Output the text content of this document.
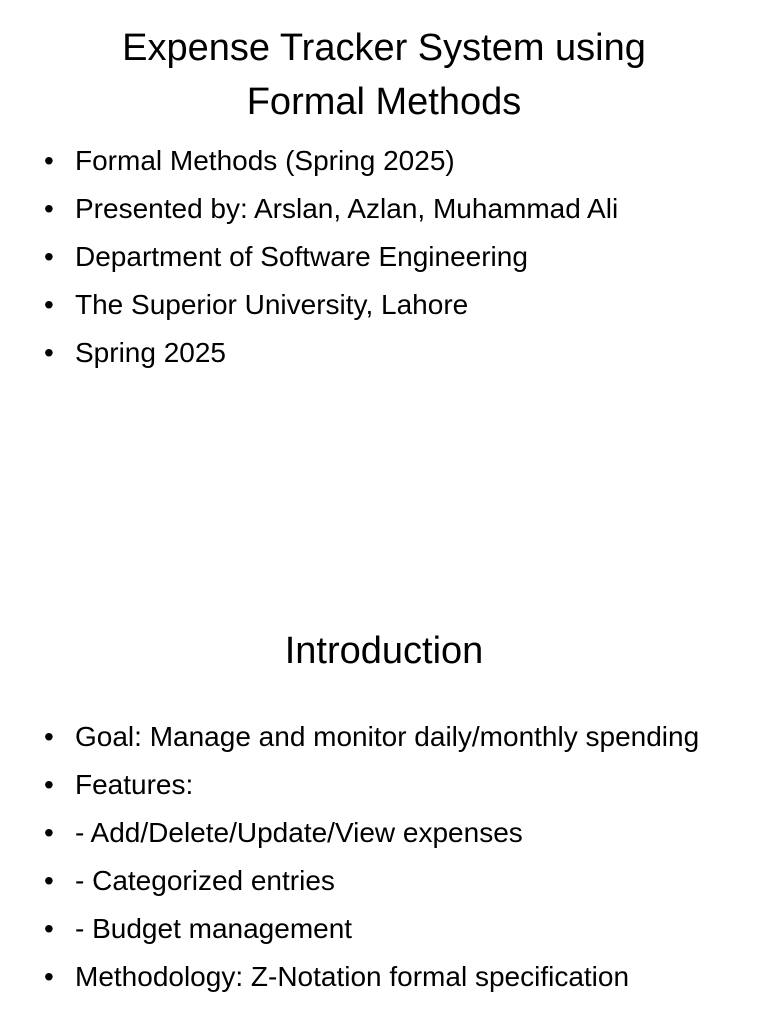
Expense Tracker System using Formal Methods
• Formal Methods (Spring 2025)
• Presented by: Arslan, Azlan, Muhammad Ali
• Department of Software Engineering
• The Superior University, Lahore
• Spring 2025
Introduction
• Goal: Manage and monitor daily/monthly spending
• Features:
• - Add/Delete/Update/View expenses
• - Categorized entries
• - Budget management
• Methodology: Z-Notation formal specification
